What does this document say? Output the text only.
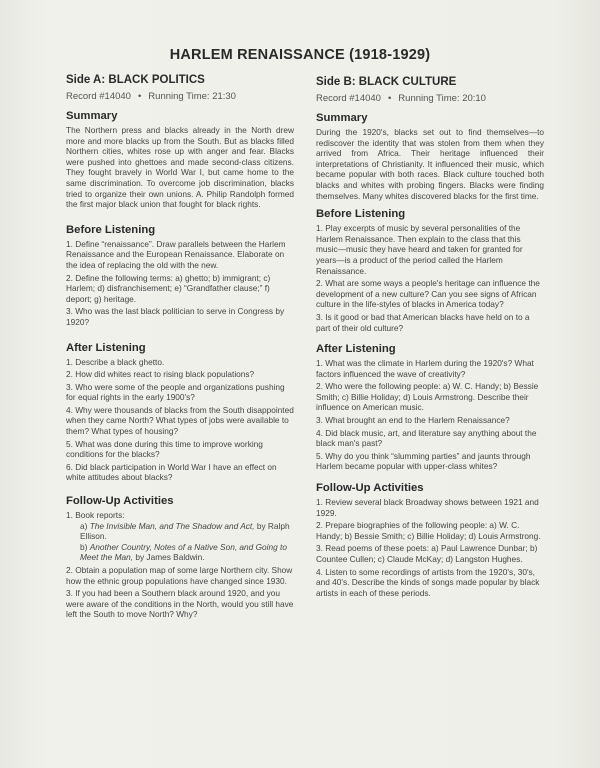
HARLEM RENAISSANCE (1918-1929)
Side A: BLACK POLITICS
Record #14040 • Running Time: 21:30
Summary

The Northern press and blacks already in the North drew more and more blacks up from the South. But as blacks filled Northern cities, whites rose up with anger and fear. Blacks were pushed into ghettoes and made second-class citizens. They fought bravely in World War I, but came home to the same discrimination. To overcome job discrimination, blacks tried to organize their own unions. A. Philip Randolph formed the first major black union that fought for black rights.

Before Listening
1. Define “renaissance”. Draw parallels between the Harlem Renaissance and the European Renaissance. Elaborate on the idea of replacing the old with the new.
2. Define the following terms: a) ghetto; b) immigrant; c) Harlem; d) disfranchisement; e) “Grandfather clause;” f) deport; g) heritage.
3. Who was the last black politician to serve in Congress by 1920?
After Listening
1. Describe a black ghetto.
2. How did whites react to rising black populations?
3. Who were some of the people and organizations pushing for equal rights in the early 1900's?
4. Why were thousands of blacks from the South disappointed when they came North? What types of jobs were available to them? What types of housing?
5. What was done during this time to improve working conditions for the blacks?
6. Did black participation in World War I have an effect on white attitudes about blacks?
Follow-Up Activities
1. Book reports:
a) The Invisible Man, and The Shadow and Act, by Ralph Ellison.
b) Another Country, Notes of a Native Son, and Going to Meet the Man, by James Baldwin.
2. Obtain a population map of some large Northern city. Show how the ethnic group populations have changed since 1930.
3. If you had been a Southern black around 1920, and you were aware of the conditions in the North, would you still have left the South to move North? Why?
Side B: BLACK CULTURE
Record #14040 • Running Time: 20:10
Summary

During the 1920's, blacks set out to find themselves—to rediscover the identity that was stolen from them when they arrived from Africa. Their heritage influenced their interpretations of Christianity. It influenced their music, which became popular with both races. Black culture touched both blacks and whites with probing fingers. Blacks were finding themselves. Many whites discovered blacks for the first time.

Before Listening
1. Play excerpts of music by several personalities of the Harlem Renaissance. Then explain to the class that this music—music they have heard and taken for granted for years—is a product of the period called the Harlem Renaissance.
2. What are some ways a people's heritage can influence the development of a new culture? Can you see signs of African culture in the life-styles of blacks in America today?
3. Is it good or bad that American blacks have held on to a part of their old culture?
After Listening
1. What was the climate in Harlem during the 1920's? What factors influenced the wave of creativity?
2. Who were the following people: a) W. C. Handy; b) Bessie Smith; c) Billie Holiday; d) Louis Armstrong. Describe their influence on American music.
3. What brought an end to the Harlem Renaissance?
4. Did black music, art, and literature say anything about the black man's past?
5. Why do you think “slumming parties” and jaunts through Harlem became popular with upper-class whites?
Follow-Up Activities
1. Review several black Broadway shows between 1921 and 1929.
2. Prepare biographies of the following people: a) W. C. Handy; b) Bessie Smith; c) Billie Holiday; d) Louis Armstrong.
3. Read poems of these poets: a) Paul Lawrence Dunbar; b) Countee Cullen; c) Claude McKay; d) Langston Hughes.
4. Listen to some recordings of artists from the 1920's, 30's, and 40's. Describe the kinds of songs made popular by black artists in each of these periods.
